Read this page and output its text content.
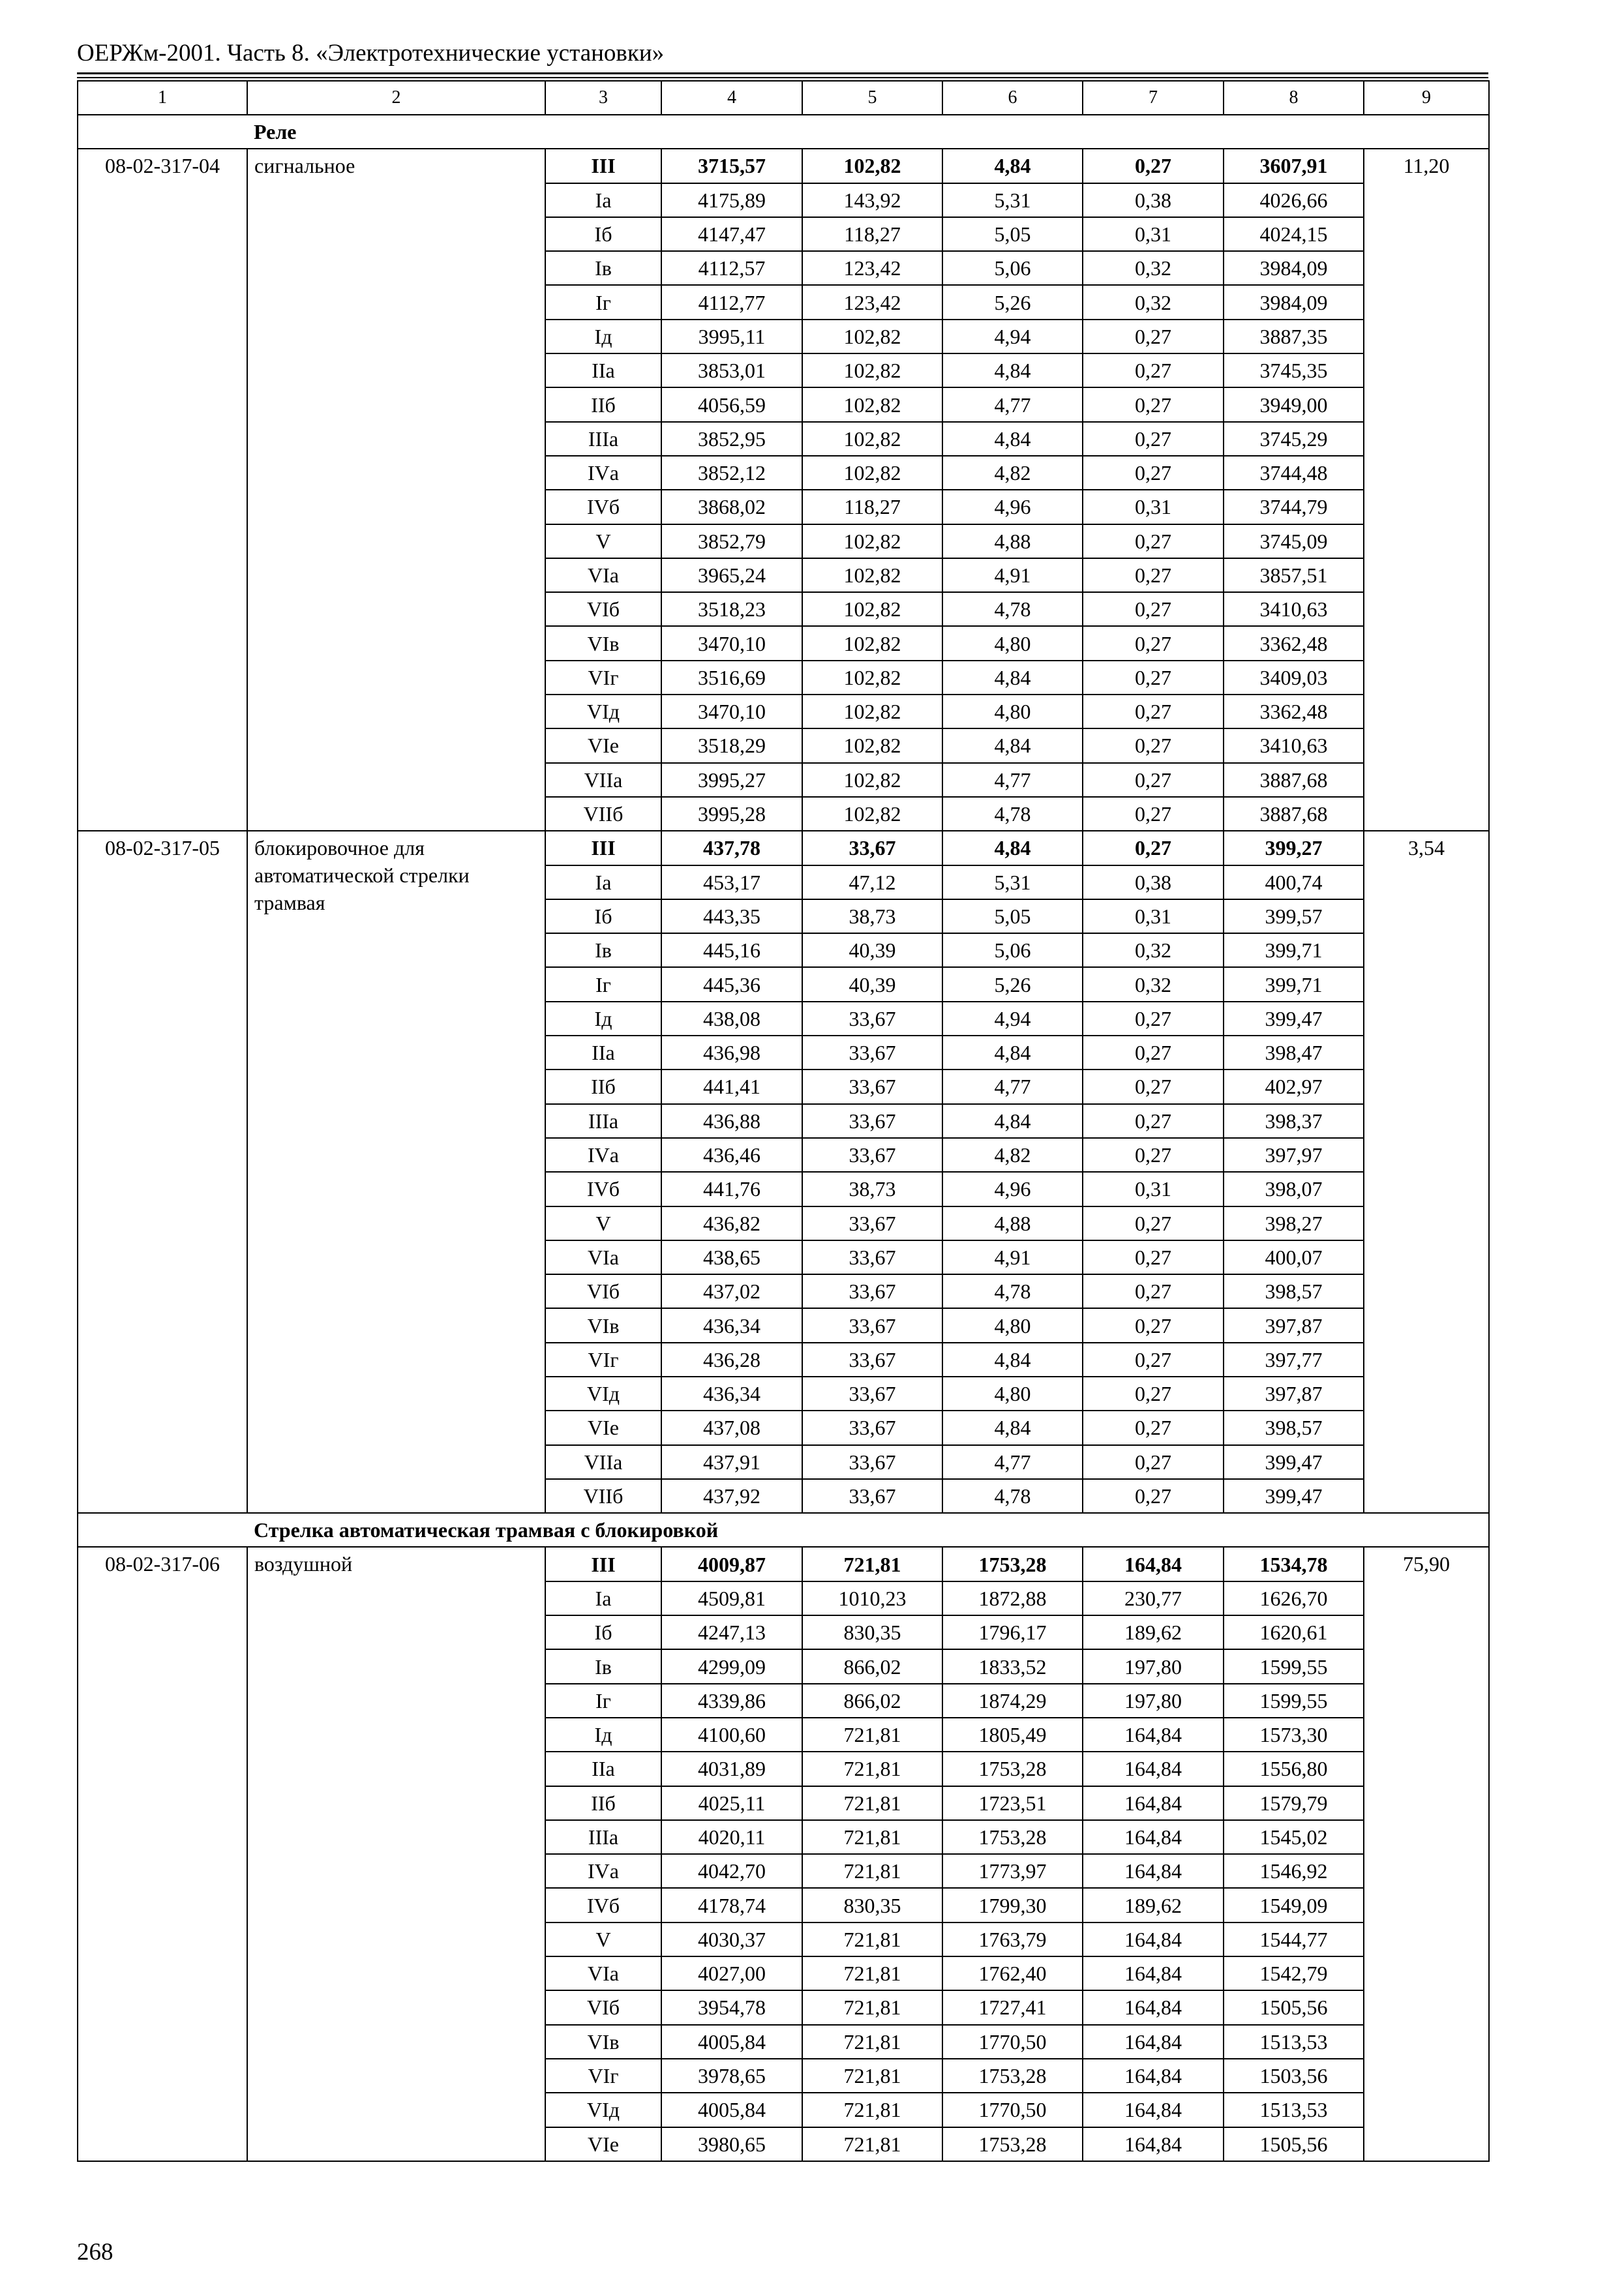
ОЕРЖм-2001. Часть 8. «Электротехнические установки»
1	2	3	4	5	6	7	8	9
	Реле							
08-02-317-04	сигнальное	III	3715,57	102,82	4,84	0,27	3607,91	11,20
		Iа	4175,89	143,92	5,31	0,38	4026,66	
		Iб	4147,47	118,27	5,05	0,31	4024,15	
		Iв	4112,57	123,42	5,06	0,32	3984,09	
		Iг	4112,77	123,42	5,26	0,32	3984,09	
		Iд	3995,11	102,82	4,94	0,27	3887,35	
		IIа	3853,01	102,82	4,84	0,27	3745,35	
		IIб	4056,59	102,82	4,77	0,27	3949,00	
		IIIа	3852,95	102,82	4,84	0,27	3745,29	
		IVа	3852,12	102,82	4,82	0,27	3744,48	
		IVб	3868,02	118,27	4,96	0,31	3744,79	
		V	3852,79	102,82	4,88	0,27	3745,09	
		VIа	3965,24	102,82	4,91	0,27	3857,51	
		VIб	3518,23	102,82	4,78	0,27	3410,63	
		VIв	3470,10	102,82	4,80	0,27	3362,48	
		VIг	3516,69	102,82	4,84	0,27	3409,03	
		VIд	3470,10	102,82	4,80	0,27	3362,48	
		VIе	3518,29	102,82	4,84	0,27	3410,63	
		VIIа	3995,27	102,82	4,77	0,27	3887,68	
		VIIб	3995,28	102,82	4,78	0,27	3887,68	
08-02-317-05	блокировочное для автоматической стрелки трамвая	III	437,78	33,67	4,84	0,27	399,27	3,54
		Iа	453,17	47,12	5,31	0,38	400,74	
		Iб	443,35	38,73	5,05	0,31	399,57	
		Iв	445,16	40,39	5,06	0,32	399,71	
		Iг	445,36	40,39	5,26	0,32	399,71	
		Iд	438,08	33,67	4,94	0,27	399,47	
		IIа	436,98	33,67	4,84	0,27	398,47	
		IIб	441,41	33,67	4,77	0,27	402,97	
		IIIа	436,88	33,67	4,84	0,27	398,37	
		IVа	436,46	33,67	4,82	0,27	397,97	
		IVб	441,76	38,73	4,96	0,31	398,07	
		V	436,82	33,67	4,88	0,27	398,27	
		VIа	438,65	33,67	4,91	0,27	400,07	
		VIб	437,02	33,67	4,78	0,27	398,57	
		VIв	436,34	33,67	4,80	0,27	397,87	
		VIг	436,28	33,67	4,84	0,27	397,77	
		VIд	436,34	33,67	4,80	0,27	397,87	
		VIе	437,08	33,67	4,84	0,27	398,57	
		VIIа	437,91	33,67	4,77	0,27	399,47	
		VIIб	437,92	33,67	4,78	0,27	399,47	
	Стрелка автоматическая трамвая с блокировкой							
08-02-317-06	воздушной	III	4009,87	721,81	1753,28	164,84	1534,78	75,90
		Iа	4509,81	1010,23	1872,88	230,77	1626,70	
		Iб	4247,13	830,35	1796,17	189,62	1620,61	
		Iв	4299,09	866,02	1833,52	197,80	1599,55	
		Iг	4339,86	866,02	1874,29	197,80	1599,55	
		Iд	4100,60	721,81	1805,49	164,84	1573,30	
		IIа	4031,89	721,81	1753,28	164,84	1556,80	
		IIб	4025,11	721,81	1723,51	164,84	1579,79	
		IIIа	4020,11	721,81	1753,28	164,84	1545,02	
		IVа	4042,70	721,81	1773,97	164,84	1546,92	
		IVб	4178,74	830,35	1799,30	189,62	1549,09	
		V	4030,37	721,81	1763,79	164,84	1544,77	
		VIа	4027,00	721,81	1762,40	164,84	1542,79	
		VIб	3954,78	721,81	1727,41	164,84	1505,56	
		VIв	4005,84	721,81	1770,50	164,84	1513,53	
		VIг	3978,65	721,81	1753,28	164,84	1503,56	
		VIд	4005,84	721,81	1770,50	164,84	1513,53	
		VIе	3980,65	721,81	1753,28	164,84	1505,56	
268
